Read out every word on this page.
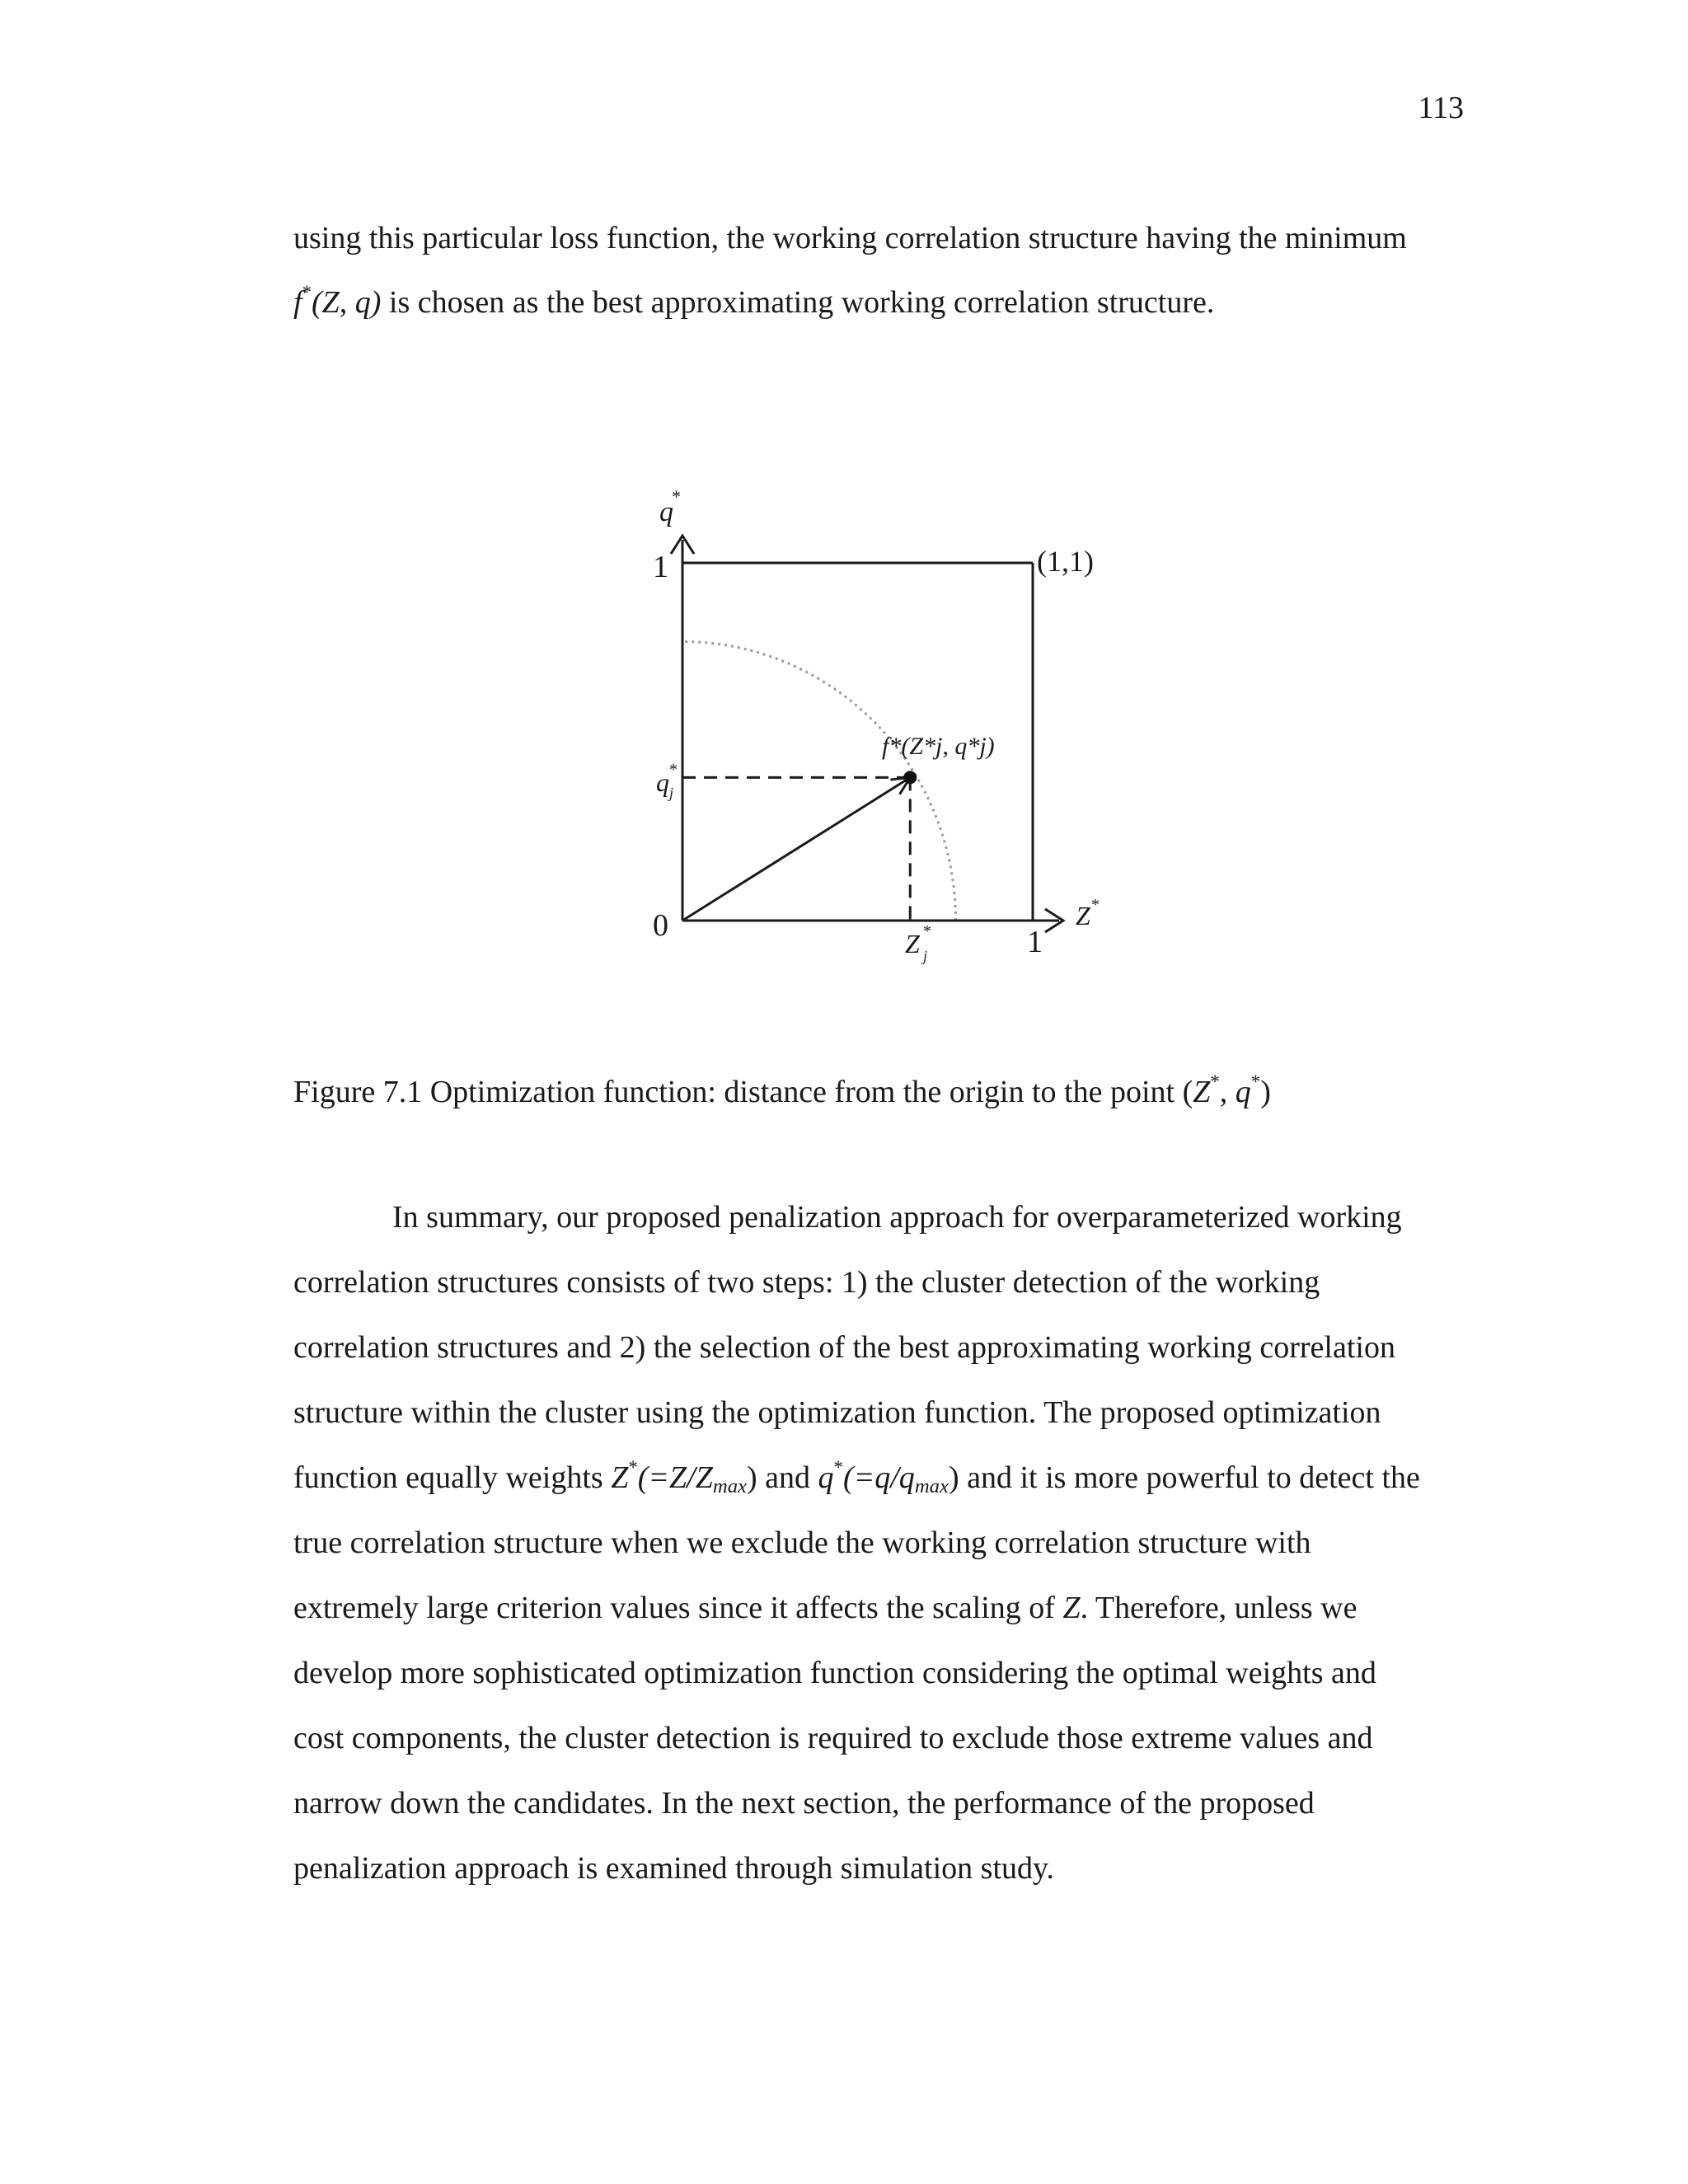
113
using this particular loss function, the working correlation structure having the minimum
f*(Z, q) is chosen as the best approximating working correlation structure.
q
*
1	(1,1)
0	1
Z *
q *
j
Z *
j
f*(Z*j, q*j)
Figure 7.1 Optimization function: distance from the origin to the point (Z*, q*)
In summary, our proposed penalization approach for overparameterized working
correlation structures consists of two steps: 1) the cluster detection of the working
correlation structures and 2) the selection of the best approximating working correlation
structure within the cluster using the optimization function. The proposed optimization
function equally weights $Z^*(=Z/Z_{max})$ and $q^*(=q/q_{max})$ and it is more powerful to detect the
true correlation structure when we exclude the working correlation structure with
extremely large criterion values since it affects the scaling of Z. Therefore, unless we
develop more sophisticated optimization function considering the optimal weights and
cost components, the cluster detection is required to exclude those extreme values and
narrow down the candidates. In the next section, the performance of the proposed
penalization approach is examined through simulation study.
